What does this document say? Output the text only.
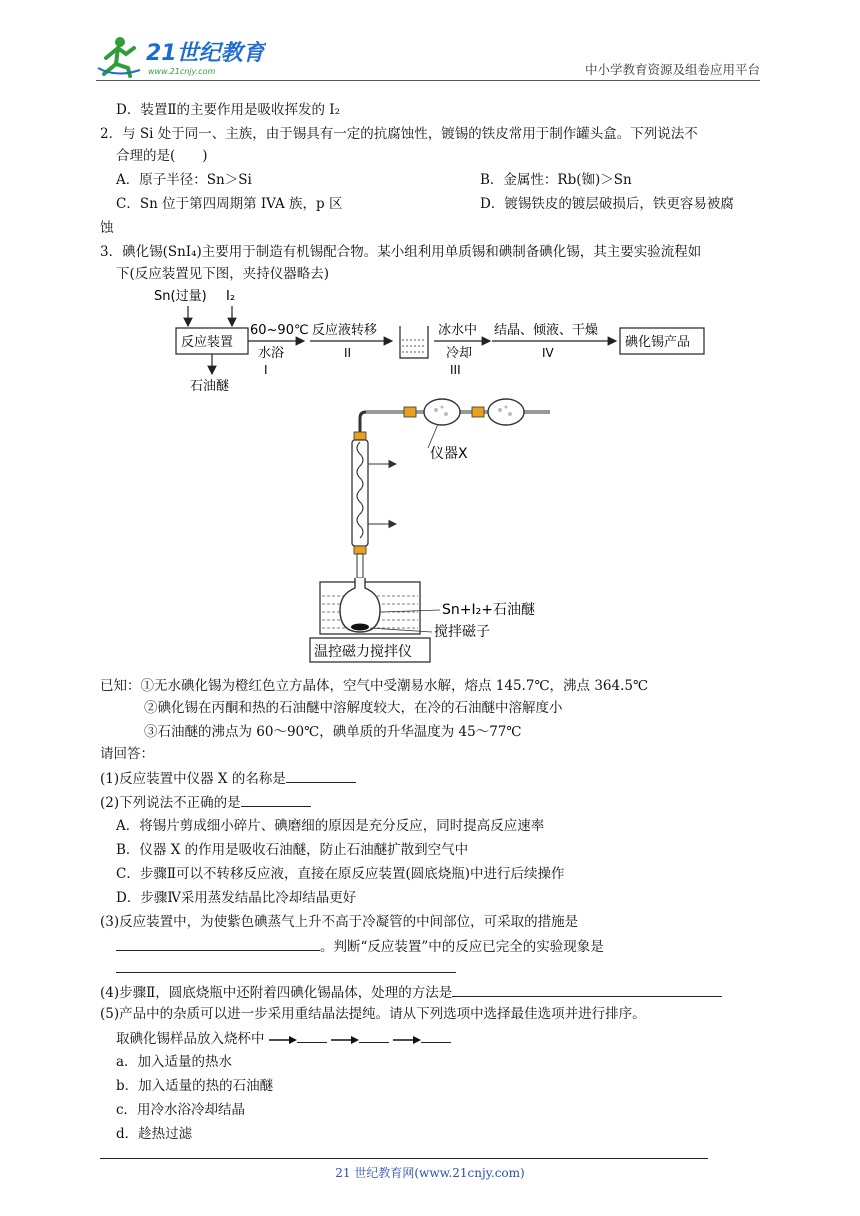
21世纪教育
www.21cnjy.com	中小学教育资源及组卷应用平台
D．装置Ⅱ的主要作用是吸收挥发的 I₂
2．与 Si 处于同一、主族，由于锡具有一定的抗腐蚀性，镀锡的铁皮常用于制作罐头盒。下列说法不
合理的是(　　)
A．原子半径：Sn＞Si	B．金属性：Rb(铷)＞Sn
C．Sn 位于第四周期第 IVA 族，p 区	D．镀锡铁皮的镀层破损后，铁更容易被腐
蚀
3．碘化锡(SnI₄)主要用于制造有机锡配合物。某小组利用单质锡和碘制备碘化锡，其主要实验流程如
下(反应装置见下图，夹持仪器略去)
Sn(过量) I₂
反应装置
石油醚
60~90℃
水浴
I
反应液转移
II
冰水中
冷却
III
结晶、倾液、干燥
IV
碘化锡产品
仪器X
Sn+I₂+石油醚
搅拌磁子
温控磁力搅拌仪
已知：①无水碘化锡为橙红色立方晶体，空气中受潮易水解，熔点 145.7℃，沸点 364.5℃
②碘化锡在丙酮和热的石油醚中溶解度较大，在冷的石油醚中溶解度小
③石油醚的沸点为 60～90℃，碘单质的升华温度为 45～77℃
请回答：
(1)反应装置中仪器 X 的名称是
(2)下列说法不正确的是
A．将锡片剪成细小碎片、碘磨细的原因是充分反应，同时提高反应速率
B．仪器 X 的作用是吸收石油醚，防止石油醚扩散到空气中
C．步骤Ⅱ可以不转移反应液，直接在原反应装置(圆底烧瓶)中进行后续操作
D．步骤Ⅳ采用蒸发结晶比冷却结晶更好
(3)反应装置中，为使紫色碘蒸气上升不高于冷凝管的中间部位，可采取的措施是
。判断“反应装置”中的反应已完全的实验现象是
(4)步骤Ⅱ，圆底烧瓶中还附着四碘化锡晶体，处理的方法是
(5)产品中的杂质可以进一步采用重结晶法提纯。请从下列选项中选择最佳选项并进行排序。
取碘化锡样品放入烧杯中
a．加入适量的热水
b．加入适量的热的石油醚
c．用冷水浴冷却结晶
d．趁热过滤
21 世纪教育网(www.21cnjy.com)
